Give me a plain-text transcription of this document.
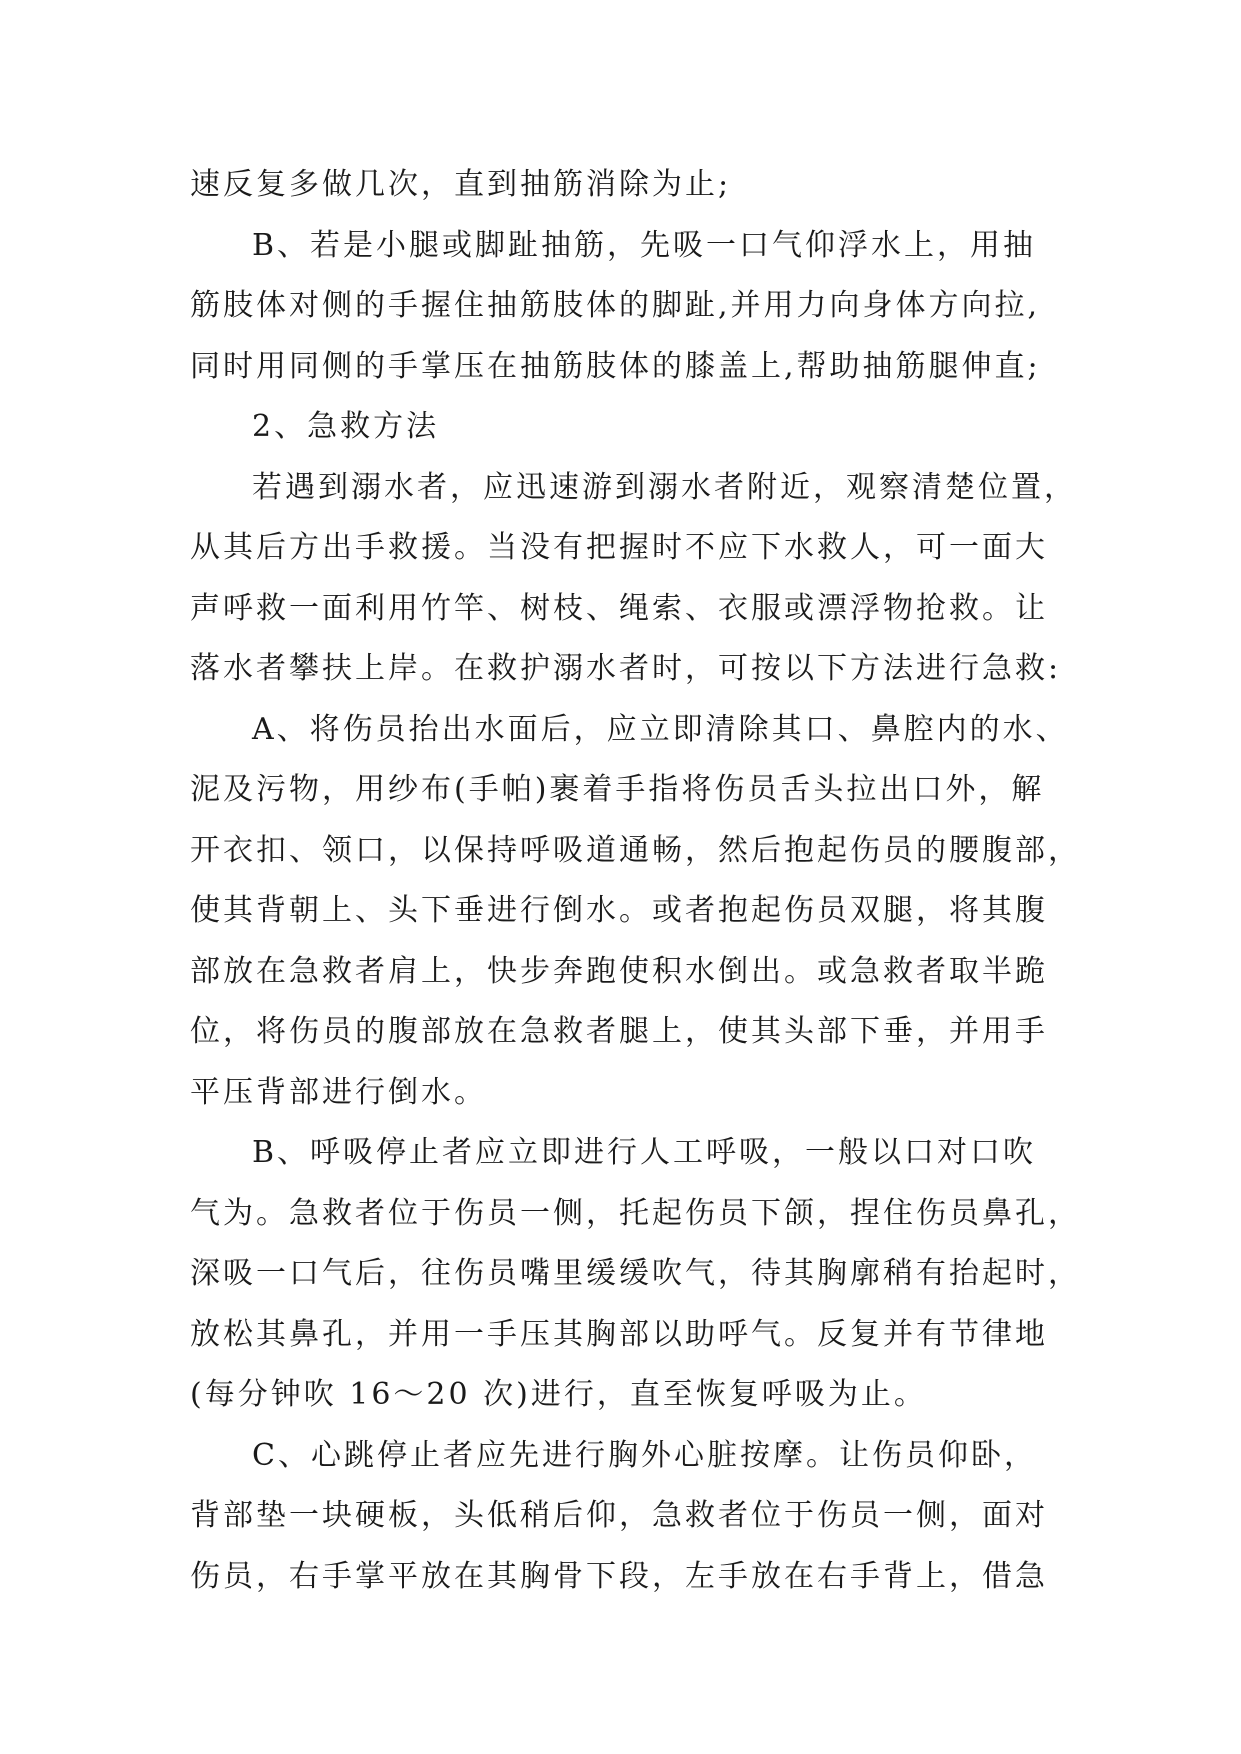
速反复多做几次，直到抽筋消除为止;
B、若是小腿或脚趾抽筋，先吸一口气仰浮水上，用抽
筋肢体对侧的手握住抽筋肢体的脚趾,并用力向身体方向拉,
同时用同侧的手掌压在抽筋肢体的膝盖上,帮助抽筋腿伸直;
2、急救方法
若遇到溺水者，应迅速游到溺水者附近，观察清楚位置，
从其后方出手救援。当没有把握时不应下水救人，可一面大
声呼救一面利用竹竿、树枝、绳索、衣服或漂浮物抢救。让
落水者攀扶上岸。在救护溺水者时，可按以下方法进行急救:
A、将伤员抬出水面后，应立即清除其口、鼻腔内的水、
泥及污物，用纱布(手帕)裹着手指将伤员舌头拉出口外，解
开衣扣、领口，以保持呼吸道通畅，然后抱起伤员的腰腹部，
使其背朝上、头下垂进行倒水。或者抱起伤员双腿，将其腹
部放在急救者肩上，快步奔跑使积水倒出。或急救者取半跪
位，将伤员的腹部放在急救者腿上，使其头部下垂，并用手
平压背部进行倒水。
B、呼吸停止者应立即进行人工呼吸，一般以口对口吹
气为。急救者位于伤员一侧，托起伤员下颌，捏住伤员鼻孔，
深吸一口气后，往伤员嘴里缓缓吹气，待其胸廓稍有抬起时，
放松其鼻孔，并用一手压其胸部以助呼气。反复并有节律地
(每分钟吹 16～20 次)进行，直至恢复呼吸为止。
C、心跳停止者应先进行胸外心脏按摩。让伤员仰卧，
背部垫一块硬板，头低稍后仰，急救者位于伤员一侧，面对
伤员，右手掌平放在其胸骨下段，左手放在右手背上，借急
